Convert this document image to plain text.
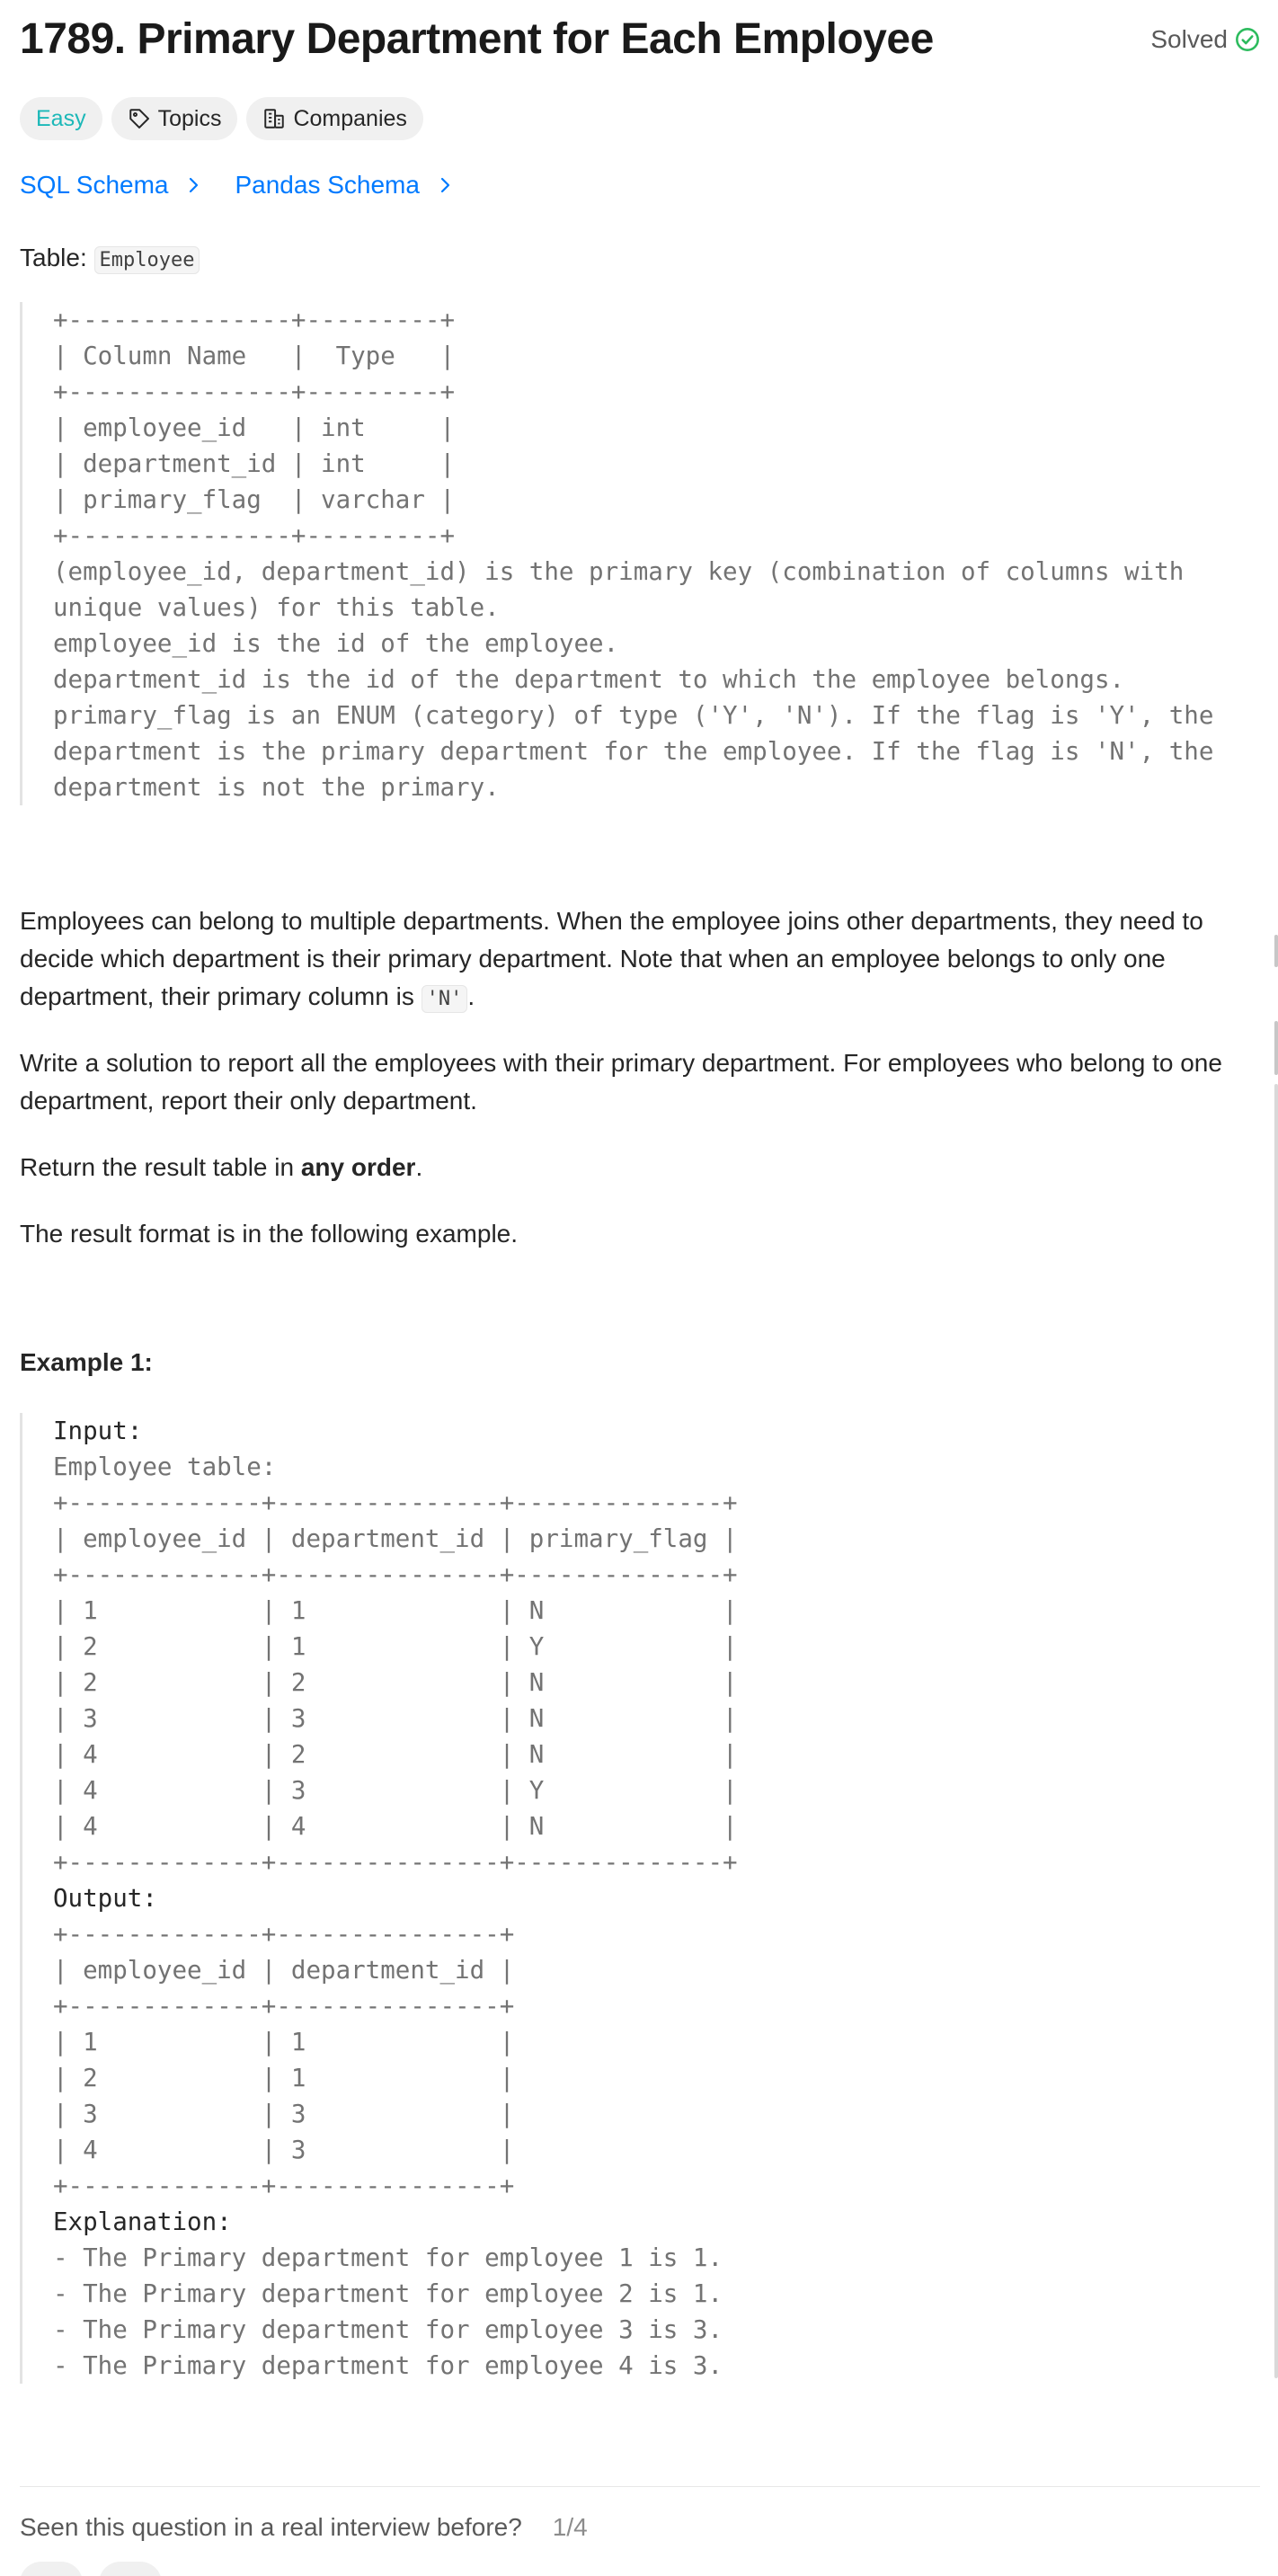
1789. Primary Department for Each Employee	Solved
Easy	Topics	Companies
SQL Schema	Pandas Schema
Table: Employee
+---------------+---------+
| Column Name   |  Type   |
+---------------+---------+
| employee_id   | int     |
| department_id | int     |
| primary_flag  | varchar |
+---------------+---------+
(employee_id, department_id) is the primary key (combination of columns with
unique values) for this table.
employee_id is the id of the employee.
department_id is the id of the department to which the employee belongs.
primary_flag is an ENUM (category) of type ('Y', 'N'). If the flag is 'Y', the
department is the primary department for the employee. If the flag is 'N', the
department is not the primary.
Employees can belong to multiple departments. When the employee joins other departments, they need to decide which department is their primary department. Note that when an employee belongs to only one department, their primary column is 'N' .
Write a solution to report all the employees with their primary department. For employees who belong to one department, report their only department.
Return the result table in any order.
The result format is in the following example.
Example 1:
Input:
Employee table:
+-------------+---------------+--------------+
| employee_id | department_id | primary_flag |
+-------------+---------------+--------------+
| 1           | 1             | N            |
| 2           | 1             | Y            |
| 2           | 2             | N            |
| 3           | 3             | N            |
| 4           | 2             | N            |
| 4           | 3             | Y            |
| 4           | 4             | N            |
+-------------+---------------+--------------+
Output:
+-------------+---------------+
| employee_id | department_id |
+-------------+---------------+
| 1           | 1             |
| 2           | 1             |
| 3           | 3             |
| 4           | 3             |
+-------------+---------------+
Explanation:
- The Primary department for employee 1 is 1.
- The Primary department for employee 2 is 1.
- The Primary department for employee 3 is 3.
- The Primary department for employee 4 is 3.
Seen this question in a real interview before? 1/4
